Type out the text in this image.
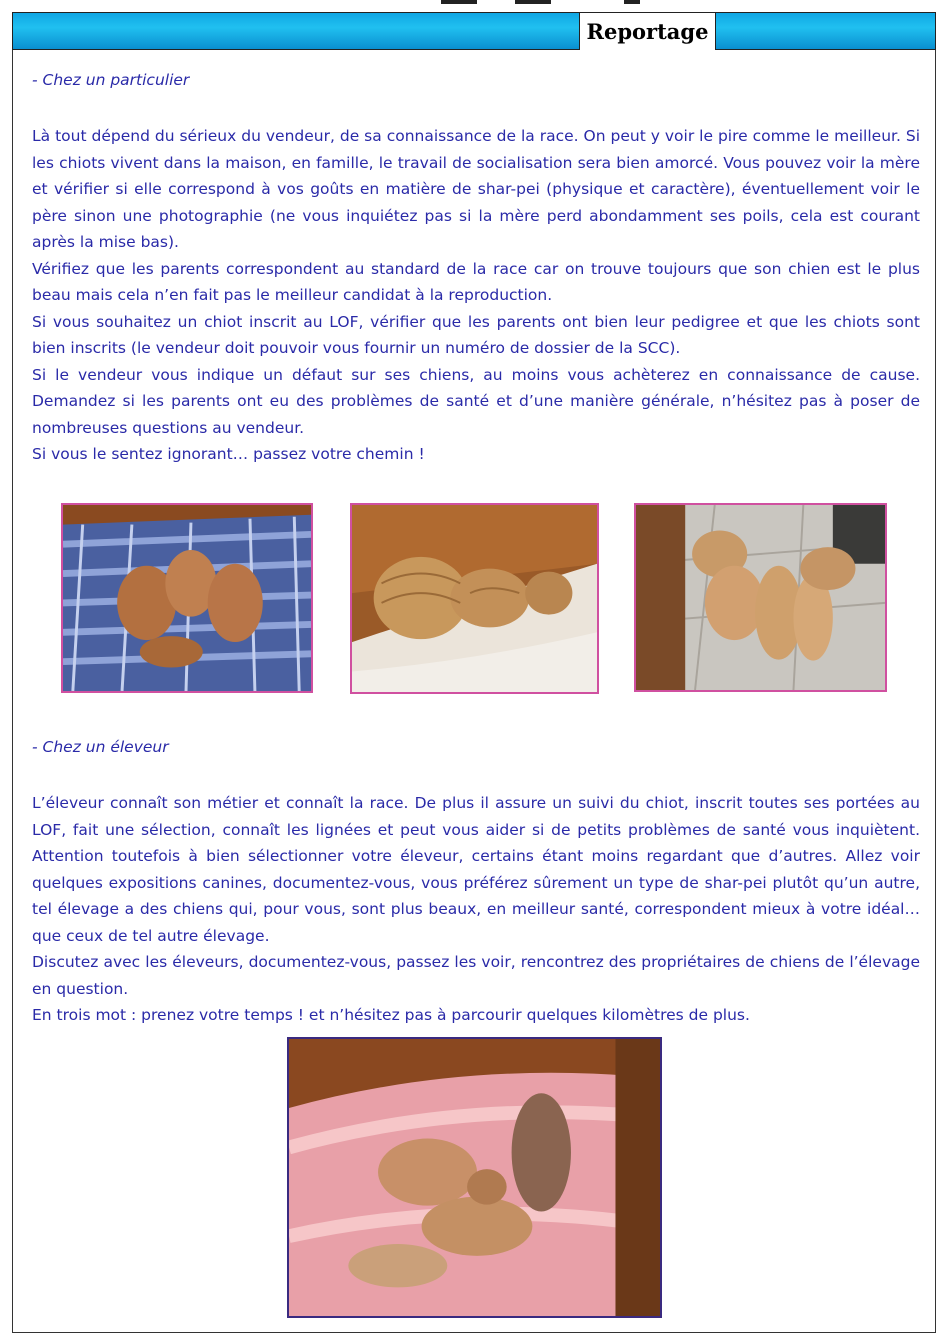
Reportage
- Chez un particulier

Là tout dépend du sérieux du vendeur, de sa connaissance de la race. On peut y voir le pire comme le meilleur. Si les chiots vivent dans la maison, en famille, le travail de socialisation sera bien amorcé. Vous pouvez voir la mère et vérifier si elle correspond à vos goûts en matière de shar-pei (physique et caractère), éventuellement voir le père sinon une photographie (ne vous inquiétez pas si la mère perd abondamment ses poils, cela est courant après la mise bas).

Vérifiez que les parents correspondent au standard de la race car on trouve toujours que son chien est le plus beau mais cela n’en fait pas le meilleur candidat à la reproduction.

Si vous souhaitez un chiot inscrit au LOF, vérifier que les parents ont bien leur pedigree et que les chiots sont bien inscrits (le vendeur doit pouvoir vous fournir un numéro de dossier de la SCC).

Si le vendeur vous indique un défaut sur ses chiens, au moins vous achèterez en connaissance de cause. Demandez si les parents ont eu des problèmes de santé et d’une manière générale, n’hésitez pas à poser de nombreuses questions au vendeur.

Si vous le sentez ignorant… passez votre chemin !

- Chez un éleveur

L’éleveur connaît son métier et connaît la race. De plus il assure un suivi du chiot, inscrit toutes ses portées au LOF, fait une sélection, connaît les lignées et peut vous aider si de petits problèmes de santé vous inquiètent. Attention toutefois à bien sélectionner votre éleveur, certains étant moins regardant que d’autres. Allez voir quelques expositions canines, documentez-vous, vous préférez sûrement un type de shar-pei plutôt qu’un autre, tel élevage a des chiens qui, pour vous, sont plus beaux, en meilleur santé, correspondent mieux à votre idéal… que ceux de tel autre élevage.

Discutez avec les éleveurs, documentez-vous, passez les voir, rencontrez des propriétaires de chiens de l’élevage en question.

En trois mot : prenez votre temps ! et n’hésitez pas à parcourir quelques kilomètres de plus.
